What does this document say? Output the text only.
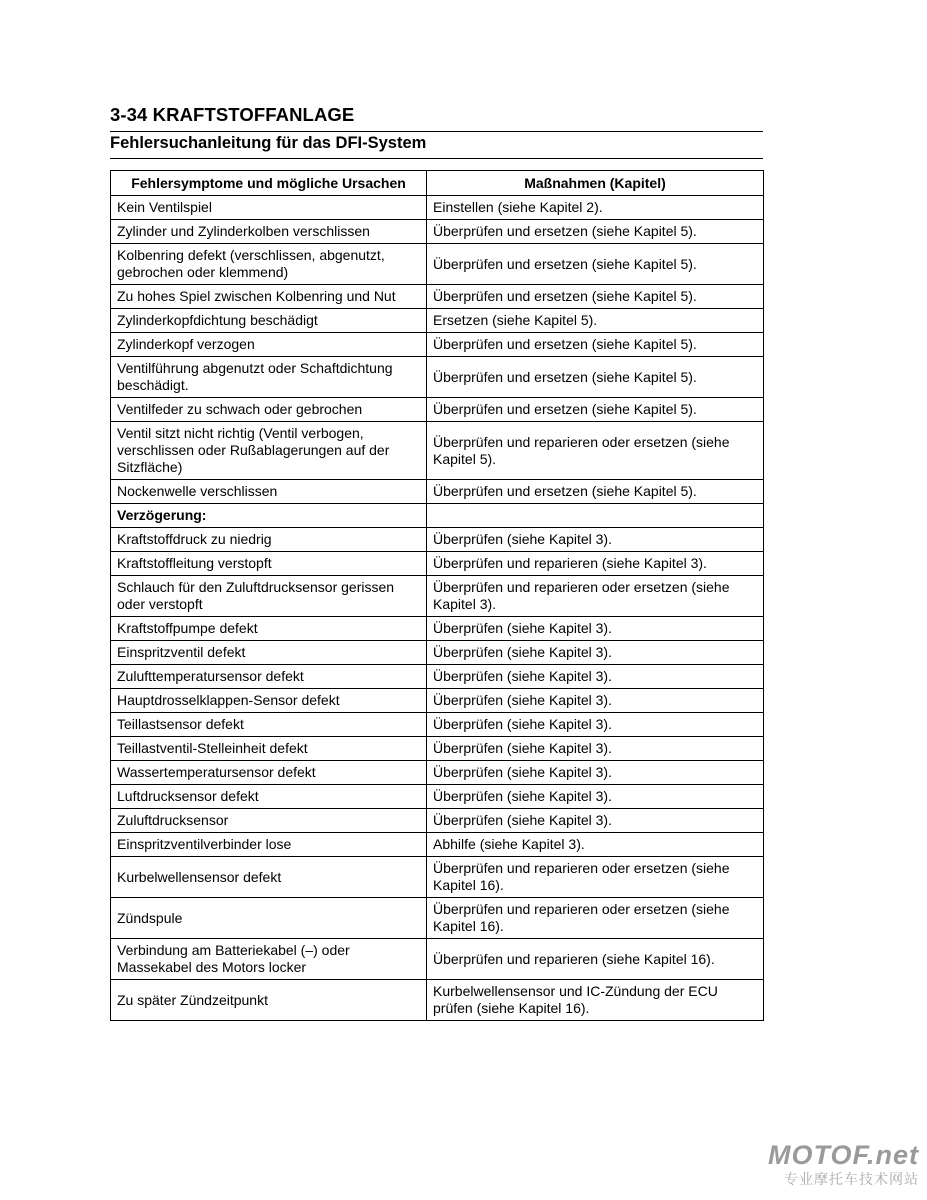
3-34 KRAFTSTOFFANLAGE
Fehlersuchanleitung für das DFI-System
Fehlersymptome und mögliche Ursachen	Maßnahmen (Kapitel)
Kein Ventilspiel	Einstellen (siehe Kapitel 2).
Zylinder und Zylinderkolben verschlissen	Überprüfen und ersetzen (siehe Kapitel 5).
Kolbenring defekt (verschlissen, abgenutzt, gebrochen oder klemmend)	Überprüfen und ersetzen (siehe Kapitel 5).
Zu hohes Spiel zwischen Kolbenring und Nut	Überprüfen und ersetzen (siehe Kapitel 5).
Zylinderkopfdichtung beschädigt	Ersetzen (siehe Kapitel 5).
Zylinderkopf verzogen	Überprüfen und ersetzen (siehe Kapitel 5).
Ventilführung abgenutzt oder Schaftdichtung beschädigt.	Überprüfen und ersetzen (siehe Kapitel 5).
Ventilfeder zu schwach oder gebrochen	Überprüfen und ersetzen (siehe Kapitel 5).
Ventil sitzt nicht richtig (Ventil verbogen, verschlissen oder Rußablagerungen auf der Sitzfläche)	Überprüfen und reparieren oder ersetzen (siehe Kapitel 5).
Nockenwelle verschlissen	Überprüfen und ersetzen (siehe Kapitel 5).
Verzögerung:	
Kraftstoffdruck zu niedrig	Überprüfen (siehe Kapitel 3).
Kraftstoffleitung verstopft	Überprüfen und reparieren (siehe Kapitel 3).
Schlauch für den Zuluftdrucksensor gerissen oder verstopft	Überprüfen und reparieren oder ersetzen (siehe Kapitel 3).
Kraftstoffpumpe defekt	Überprüfen (siehe Kapitel 3).
Einspritzventil defekt	Überprüfen (siehe Kapitel 3).
Zulufttemperatursensor defekt	Überprüfen (siehe Kapitel 3).
Hauptdrosselklappen-Sensor defekt	Überprüfen (siehe Kapitel 3).
Teillastsensor defekt	Überprüfen (siehe Kapitel 3).
Teillastventil-Stelleinheit defekt	Überprüfen (siehe Kapitel 3).
Wassertemperatursensor defekt	Überprüfen (siehe Kapitel 3).
Luftdrucksensor defekt	Überprüfen (siehe Kapitel 3).
Zuluftdrucksensor	Überprüfen (siehe Kapitel 3).
Einspritzventilverbinder lose	Abhilfe (siehe Kapitel 3).
Kurbelwellensensor defekt	Überprüfen und reparieren oder ersetzen (siehe Kapitel 16).
Zündspule	Überprüfen und reparieren oder ersetzen (siehe Kapitel 16).
Verbindung am Batteriekabel (–) oder Massekabel des Motors locker	Überprüfen und reparieren (siehe Kapitel 16).
Zu später Zündzeitpunkt	Kurbelwellensensor und IC-Zündung der ECU prüfen (siehe Kapitel 16).
MOTOF.net
专业摩托车技术网站
